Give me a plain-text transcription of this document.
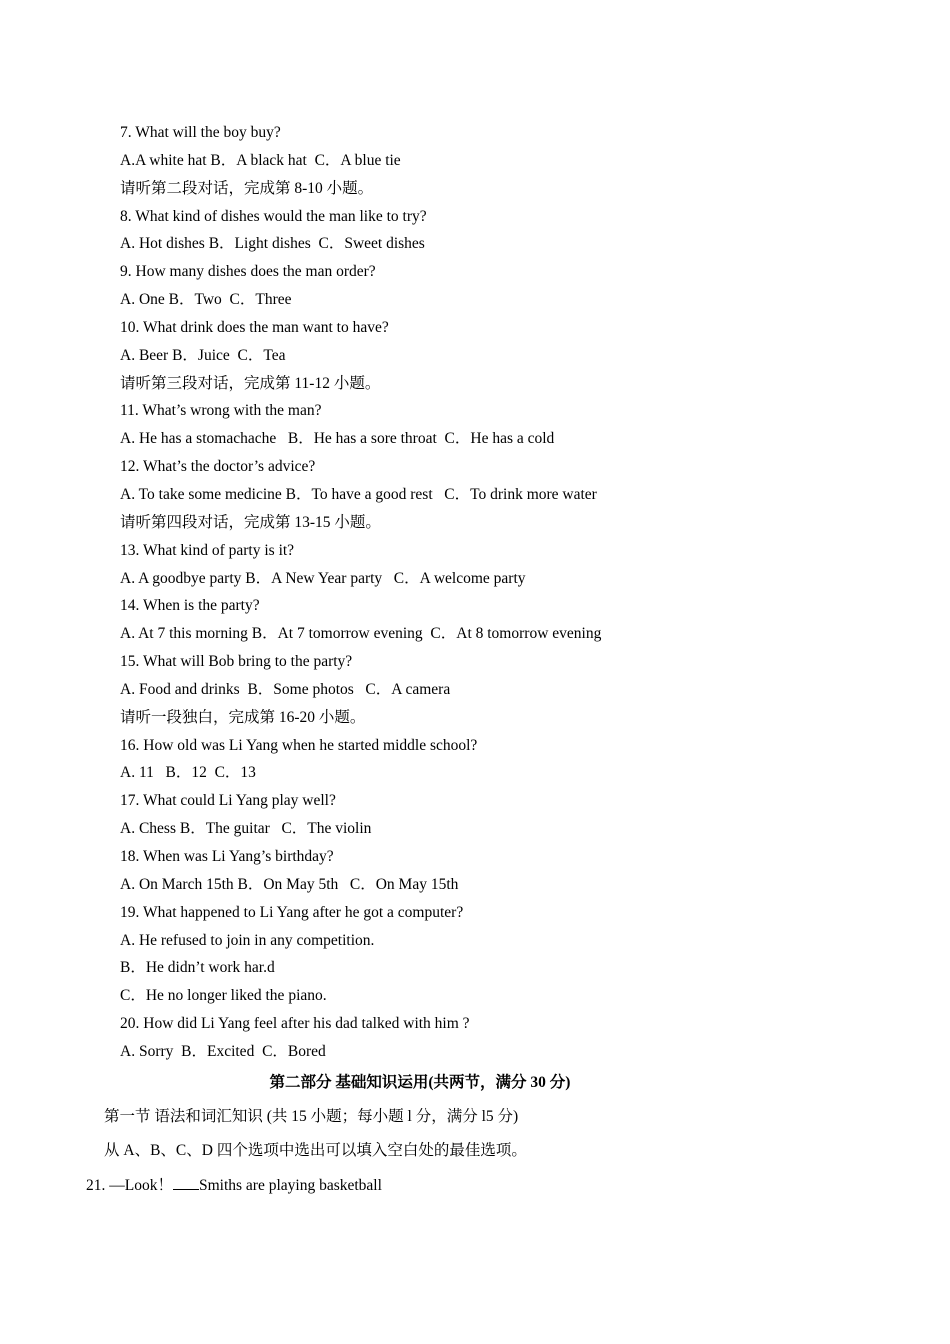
7. What will the boy buy?
A.A white hat B．A black hat  C．A blue tie
请听第二段对话，完成第 8-10 小题。
8. What kind of dishes would the man like to try?
A. Hot dishes B．Light dishes  C．Sweet dishes
9. How many dishes does the man order?
A. One B．Two  C．Three
10. What drink does the man want to have?
A. Beer B．Juice  C．Tea
请听第三段对话，完成第 11-12 小题。
11. What’s wrong with the man?
A. He has a stomachache   B．He has a sore throat  C．He has a cold
12. What’s the doctor’s advice?
A. To take some medicine B．To have a good rest   C．To drink more water
请听第四段对话，完成第 13-15 小题。
13. What kind of party is it?
A. A goodbye party B．A New Year party   C．A welcome party
14. When is the party?
A. At 7 this morning B．At 7 tomorrow evening  C．At 8 tomorrow evening
15. What will Bob bring to the party?
A. Food and drinks  B．Some photos   C．A camera
请听一段独白，完成第 16-20 小题。
16. How old was Li Yang when he started middle school?
A. 11   B．12  C．13
17. What could Li Yang play well?
A. Chess B．The guitar   C．The violin
18. When was Li Yang’s birthday?
A. On March 15th B．On May 5th   C．On May 15th
19. What happened to Li Yang after he got a computer?
A. He refused to join in any competition.
B．He didn’t work har.d
C．He no longer liked the piano.
20. How did Li Yang feel after his dad talked with him ?
A. Sorry  B．Excited  C．Bored
第二部分 基础知识运用(共两节，满分 30 分)
第一节 语法和词汇知识 (共 15 小题；每小题 l 分，满分 l5 分)
从 A、B、C、D 四个选项中选出可以填入空白处的最佳选项。
21. —Look！ Smiths are playing basketball
